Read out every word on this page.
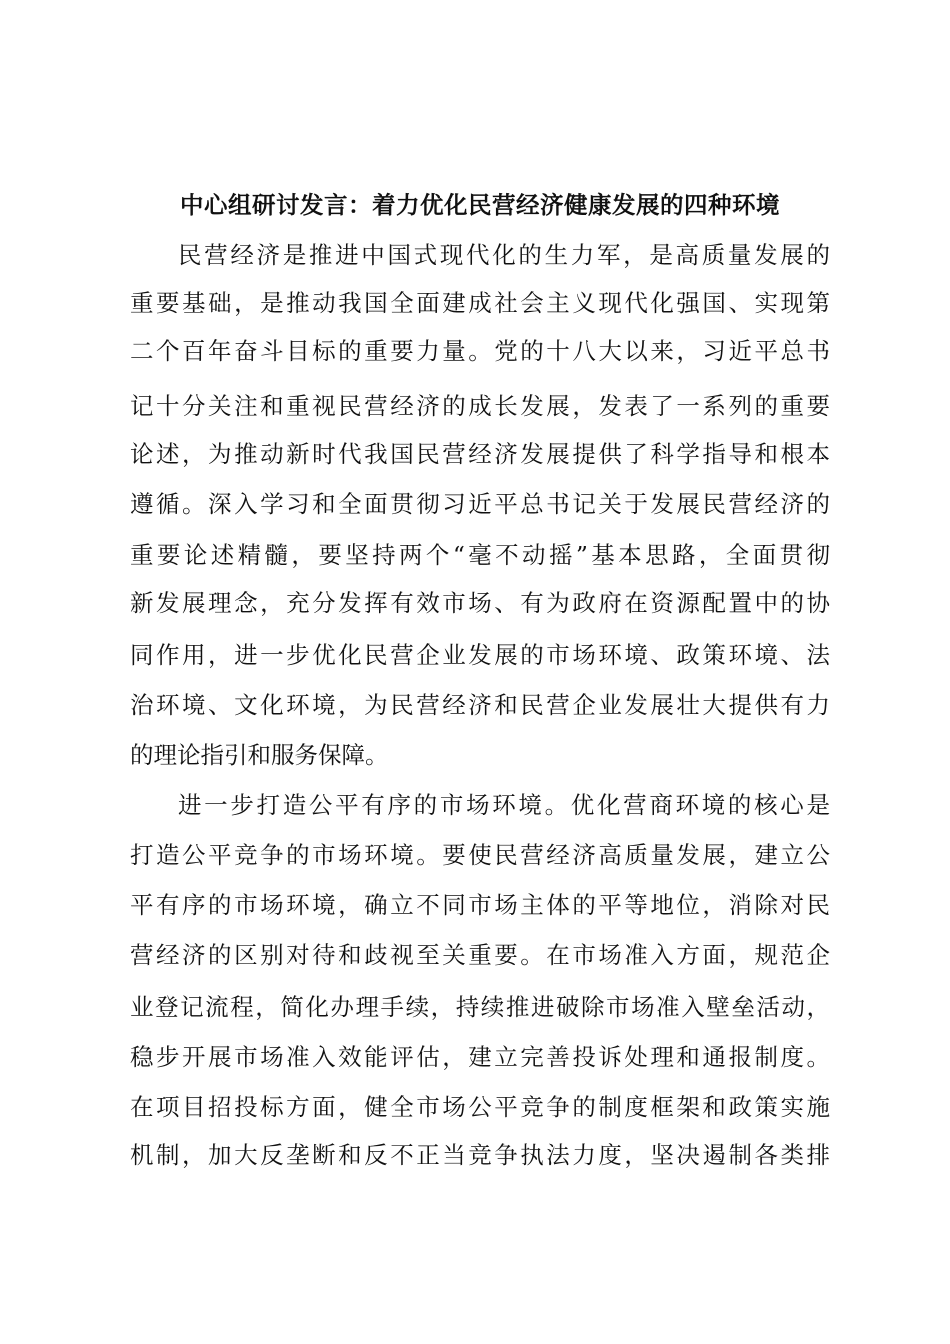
中心组研讨发言：着力优化民营经济健康发展的四种环境
民营经济是推进中国式现代化的生力军，是高质量发展的
重要基础，是推动我国全面建成社会主义现代化强国、实现第
二个百年奋斗目标的重要力量。党的十八大以来，习近平总书
记十分关注和重视民营经济的成长发展，发表了一系列的重要
论述，为推动新时代我国民营经济发展提供了科学指导和根本
遵循。深入学习和全面贯彻习近平总书记关于发展民营经济的
重要论述精髓，要坚持两个“毫不动摇”基本思路，全面贯彻
新发展理念，充分发挥有效市场、有为政府在资源配置中的协
同作用，进一步优化民营企业发展的市场环境、政策环境、法
治环境、文化环境，为民营经济和民营企业发展壮大提供有力
的理论指引和服务保障。
进一步打造公平有序的市场环境。优化营商环境的核心是
打造公平竞争的市场环境。要使民营经济高质量发展，建立公
平有序的市场环境，确立不同市场主体的平等地位，消除对民
营经济的区别对待和歧视至关重要。在市场准入方面，规范企
业登记流程，简化办理手续，持续推进破除市场准入壁垒活动，
稳步开展市场准入效能评估，建立完善投诉处理和通报制度。
在项目招投标方面，健全市场公平竞争的制度框架和政策实施
机制，加大反垄断和反不正当竞争执法力度，坚决遏制各类排
